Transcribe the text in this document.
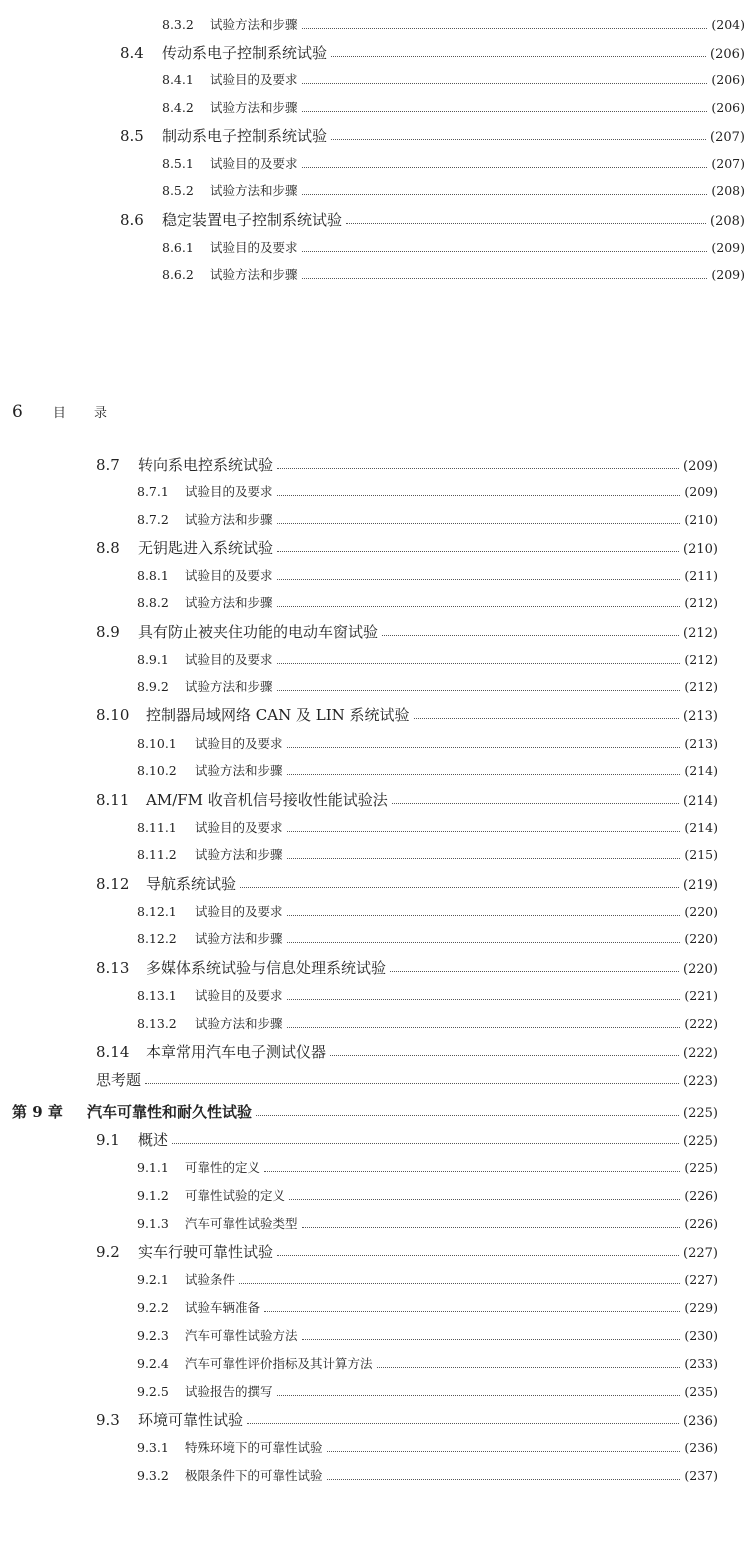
6 目 录
8.3.2	试验方法和步骤	(204)
8.4	传动系电子控制系统试验	(206)
8.4.1	试验目的及要求	(206)
8.4.2	试验方法和步骤	(206)
8.5	制动系电子控制系统试验	(207)
8.5.1	试验目的及要求	(207)
8.5.2	试验方法和步骤	(208)
8.6	稳定装置电子控制系统试验	(208)
8.6.1	试验目的及要求	(209)
8.6.2	试验方法和步骤	(209)
8.7	转向系电控系统试验	(209)
8.7.1	试验目的及要求	(209)
8.7.2	试验方法和步骤	(210)
8.8	无钥匙进入系统试验	(210)
8.8.1	试验目的及要求	(211)
8.8.2	试验方法和步骤	(212)
8.9	具有防止被夹住功能的电动车窗试验	(212)
8.9.1	试验目的及要求	(212)
8.9.2	试验方法和步骤	(212)
8.10	控制器局域网络 CAN 及 LIN 系统试验	(213)
8.10.1	试验目的及要求	(213)
8.10.2	试验方法和步骤	(214)
8.11	AM/FM 收音机信号接收性能试验法	(214)
8.11.1	试验目的及要求	(214)
8.11.2	试验方法和步骤	(215)
8.12	导航系统试验	(219)
8.12.1	试验目的及要求	(220)
8.12.2	试验方法和步骤	(220)
8.13	多媒体系统试验与信息处理系统试验	(220)
8.13.1	试验目的及要求	(221)
8.13.2	试验方法和步骤	(222)
8.14	本章常用汽车电子测试仪器	(222)
思考题	(223)
第 9 章	汽车可靠性和耐久性试验	(225)
9.1	概述	(225)
9.1.1	可靠性的定义	(225)
9.1.2	可靠性试验的定义	(226)
9.1.3	汽车可靠性试验类型	(226)
9.2	实车行驶可靠性试验	(227)
9.2.1	试验条件	(227)
9.2.2	试验车辆准备	(229)
9.2.3	汽车可靠性试验方法	(230)
9.2.4	汽车可靠性评价指标及其计算方法	(233)
9.2.5	试验报告的撰写	(235)
9.3	环境可靠性试验	(236)
9.3.1	特殊环境下的可靠性试验	(236)
9.3.2	极限条件下的可靠性试验	(237)
